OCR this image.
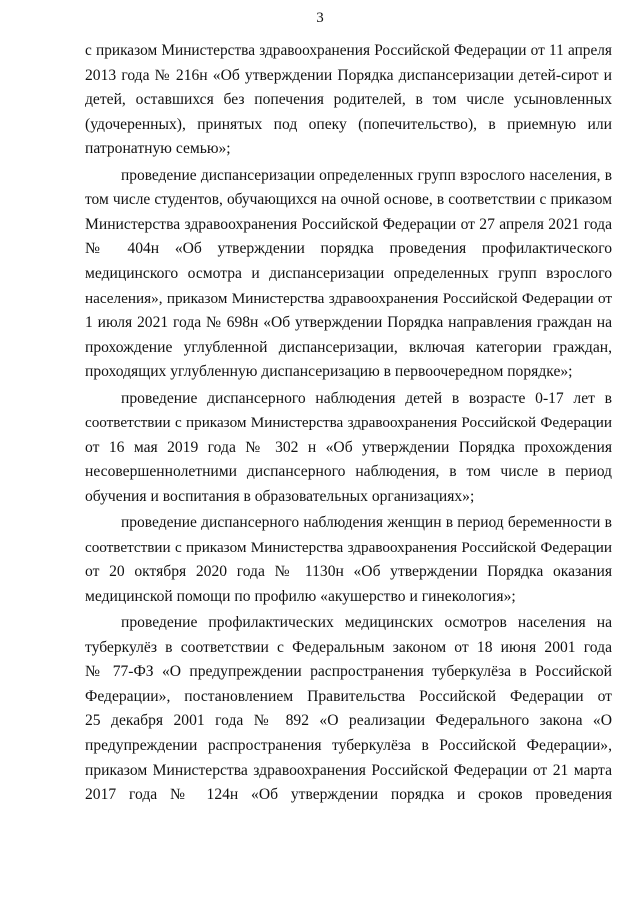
3
с приказом Министерства здравоохранения Российской Федерации от 11 апреля
2013 года № 216н «Об утверждении Порядка диспансеризации детей-сирот и
детей, оставшихся без попечения родителей, в том числе усыновленных
(удочеренных), принятых под опеку (попечительство), в приемную или
патронатную семью»;
проведение диспансеризации определенных групп взрослого населения, в
том числе студентов, обучающихся на очной основе, в соответствии с приказом
Министерства здравоохранения Российской Федерации от 27 апреля 2021 года
№ 404н «Об утверждении порядка проведения профилактического
медицинского осмотра и диспансеризации определенных групп взрослого
населения», приказом Министерства здравоохранения Российской Федерации от
1 июля 2021 года № 698н «Об утверждении Порядка направления граждан на
прохождение углубленной диспансеризации, включая категории граждан,
проходящих углубленную диспансеризацию в первоочередном порядке»;
проведение диспансерного наблюдения детей в возрасте 0-17 лет в
соответствии с приказом Министерства здравоохранения Российской Федерации
от 16 мая 2019 года № 302 н «Об утверждении Порядка прохождения
несовершеннолетними диспансерного наблюдения, в том числе в период
обучения и воспитания в образовательных организациях»;
проведение диспансерного наблюдения женщин в период беременности в
соответствии с приказом Министерства здравоохранения Российской Федерации
от 20 октября 2020 года № 1130н «Об утверждении Порядка оказания
медицинской помощи по профилю «акушерство и гинекология»;
проведение профилактических медицинских осмотров населения на
туберкулёз в соответствии с Федеральным законом от 18 июня 2001 года
№ 77-ФЗ «О предупреждении распространения туберкулёза в Российской
Федерации», постановлением Правительства Российской Федерации от
25 декабря 2001 года № 892 «О реализации Федерального закона «О
предупреждении распространения туберкулёза в Российской Федерации»,
приказом Министерства здравоохранения Российской Федерации от 21 марта
2017 года № 124н «Об утверждении порядка и сроков проведения
